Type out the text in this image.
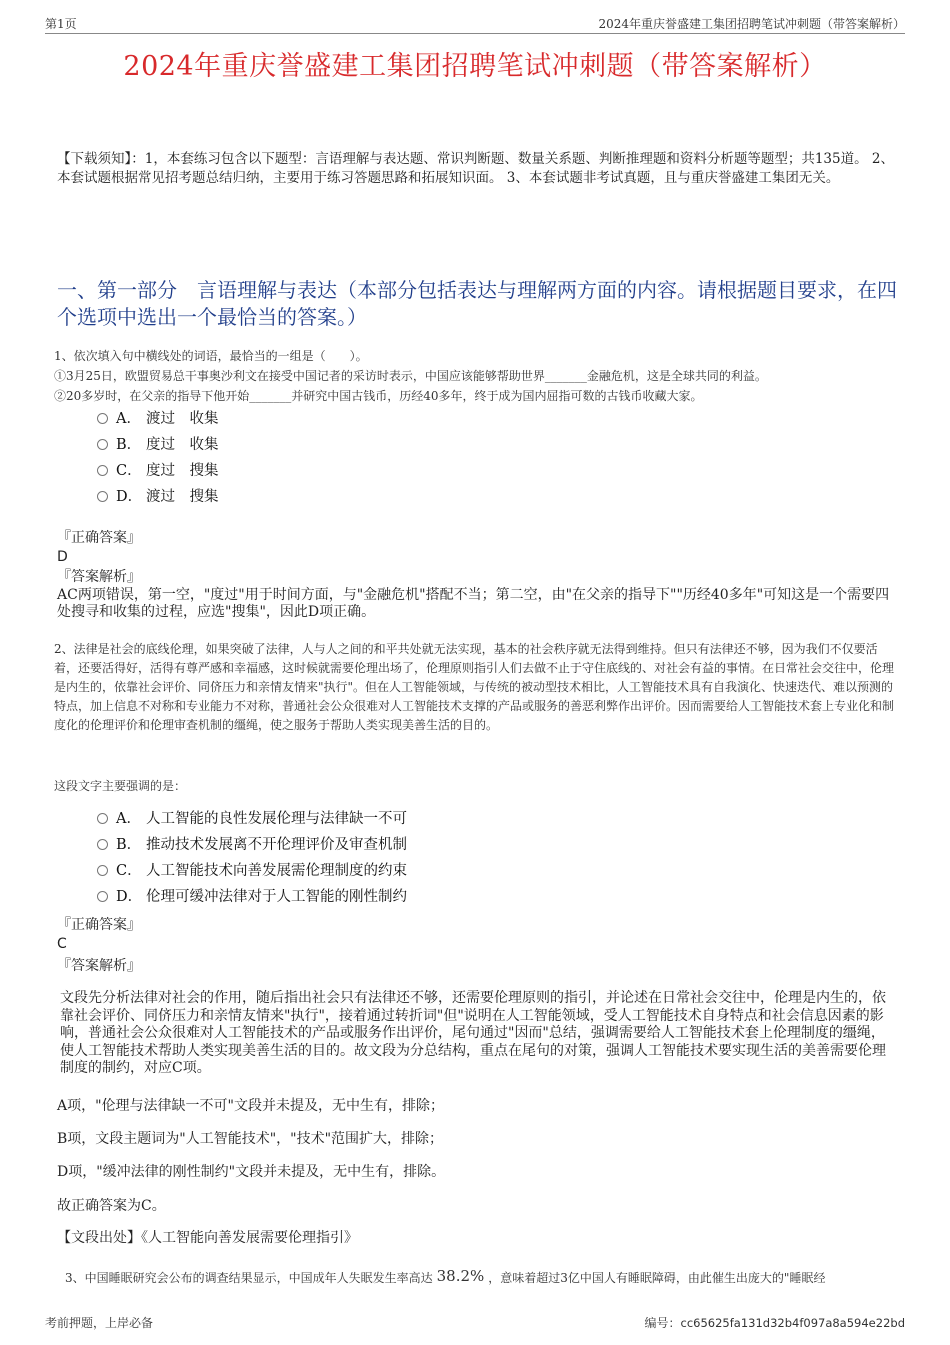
第1页	2024年重庆誉盛建工集团招聘笔试冲刺题（带答案解析）
2024年重庆誉盛建工集团招聘笔试冲刺题（带答案解析）
【下载须知】：1，本套练习包含以下题型：言语理解与表达题、常识判断题、数量关系题、判断推理题和资料分析题等题型；共135道。 2、本套试题根据常见招考题总结归纳，主要用于练习答题思路和拓展知识面。 3、本套试题非考试真题，且与重庆誉盛建工集团无关。
一、第一部分　言语理解与表达（本部分包括表达与理解两方面的内容。请根据题目要求，在四个选项中选出一个最恰当的答案。）

1、依次填入句中横线处的词语，最恰当的一组是（　　）。

①3月25日，欧盟贸易总干事奥沙利文在接受中国记者的采访时表示，中国应该能够帮助世界_______金融危机，这是全球共同的利益。

②20多岁时，在父亲的指导下他开始_______并研究中国古钱币，历经40多年，终于成为国内屈指可数的古钱币收藏大家。

A． 渡过　收集
B． 度过　收集
C． 度过　搜集
D． 渡过　搜集
『正确答案』
D
『答案解析』
AC两项错误，第一空，"度过"用于时间方面，与"金融危机"搭配不当；第二空，由"在父亲的指导下""历经40多年"可知这是一个需要四处搜寻和收集的过程，应选"搜集"，因此D项正确。
2、法律是社会的底线伦理，如果突破了法律，人与人之间的和平共处就无法实现，基本的社会秩序就无法得到维持。但只有法律还不够，因为我们不仅要活着，还要活得好，活得有尊严感和幸福感，这时候就需要伦理出场了，伦理原则指引人们去做不止于守住底线的、对社会有益的事情。在日常社会交往中，伦理是内生的，依靠社会评价、同侪压力和亲情友情来"执行"。但在人工智能领域，与传统的被动型技术相比，人工智能技术具有自我演化、快速迭代、难以预测的特点，加上信息不对称和专业能力不对称，普通社会公众很难对人工智能技术支撑的产品或服务的善恶利弊作出评价。因而需要给人工智能技术套上专业化和制度化的伦理评价和伦理审查机制的缰绳，使之服务于帮助人类实现美善生活的目的。
这段文字主要强调的是：
A． 人工智能的良性发展伦理与法律缺一不可
B． 推动技术发展离不开伦理评价及审查机制
C． 人工智能技术向善发展需伦理制度的约束
D． 伦理可缓冲法律对于人工智能的刚性制约
『正确答案』
C
『答案解析』
文段先分析法律对社会的作用，随后指出社会只有法律还不够，还需要伦理原则的指引，并论述在日常社会交往中，伦理是内生的，依靠社会评价、同侪压力和亲情友情来"执行"，接着通过转折词"但"说明在人工智能领域，受人工智能技术自身特点和社会信息因素的影响，普通社会公众很难对人工智能技术的产品或服务作出评价，尾句通过"因而"总结，强调需要给人工智能技术套上伦理制度的缰绳，使人工智能技术帮助人类实现美善生活的目的。故文段为分总结构，重点在尾句的对策，强调人工智能技术要实现生活的美善需要伦理制度的制约，对应C项。
A项，"伦理与法律缺一不可"文段并未提及，无中生有，排除；
B项，文段主题词为"人工智能技术"，"技术"范围扩大，排除；
D项，"缓冲法律的刚性制约"文段并未提及，无中生有，排除。
故正确答案为C。
【文段出处】《人工智能向善发展需要伦理指引》
3、中国睡眠研究会公布的调查结果显示，中国成年人失眠发生率高达 38.2% ，意味着超过3亿中国人有睡眠障碍，由此催生出庞大的"睡眠经
考前押题，上岸必备	编号：cc65625fa131d32b4f097a8a594e22bd
